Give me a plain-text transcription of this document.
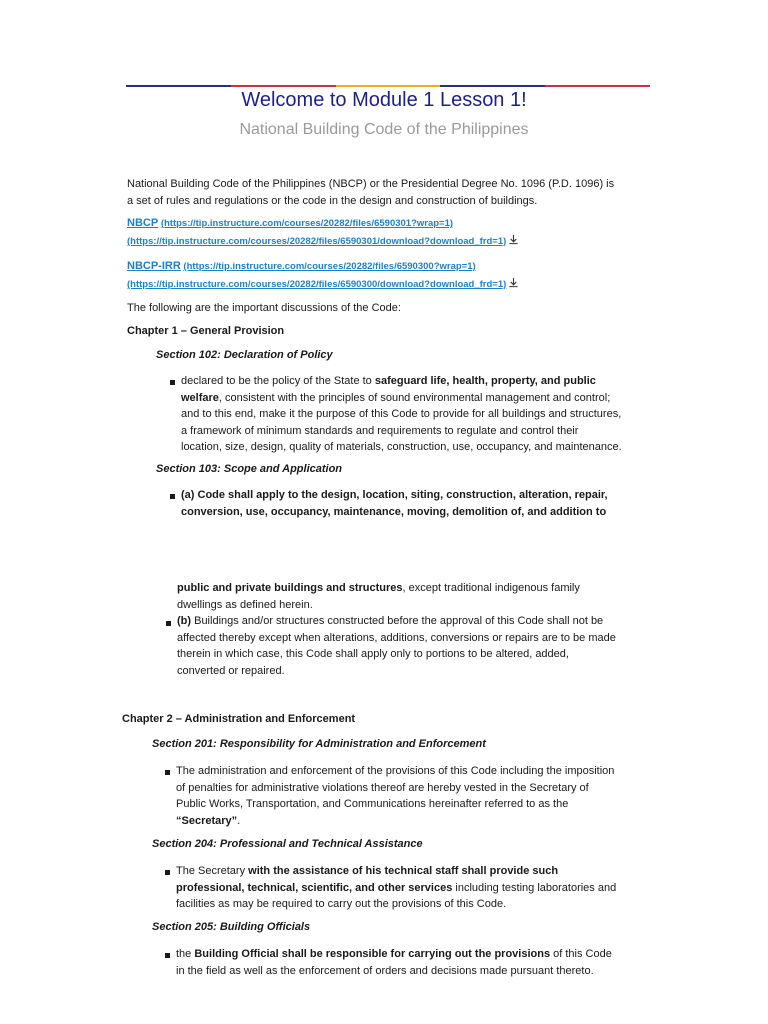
Welcome to Module 1 Lesson 1!
National Building Code of the Philippines
National Building Code of the Philippines (NBCP) or the Presidential Degree No. 1096 (P.D. 1096) is
a set of rules and regulations or the code in the design and construction of buildings.
NBCP (https://tip.instructure.com/courses/20282/files/6590301?wrap=1)
(https://tip.instructure.com/courses/20282/files/6590301/download?download_frd=1)
NBCP-IRR (https://tip.instructure.com/courses/20282/files/6590300?wrap=1)
(https://tip.instructure.com/courses/20282/files/6590300/download?download_frd=1)
The following are the important discussions of the Code:
Chapter 1 – General Provision
Section 102: Declaration of Policy
declared to be the policy of the State to safeguard life, health, property, and public
welfare, consistent with the principles of sound environmental management and control;
and to this end, make it the purpose of this Code to provide for all buildings and structures,
a framework of minimum standards and requirements to regulate and control their
location, size, design, quality of materials, construction, use, occupancy, and maintenance.
Section 103: Scope and Application
(a) Code shall apply to the design, location, siting, construction, alteration, repair,
conversion, use, occupancy, maintenance, moving, demolition of, and addition to
public and private buildings and structures, except traditional indigenous family
dwellings as defined herein.
(b) Buildings and/or structures constructed before the approval of this Code shall not be
affected thereby except when alterations, additions, conversions or repairs are to be made
therein in which case, this Code shall apply only to portions to be altered, added,
converted or repaired.
Chapter 2 – Administration and Enforcement
Section 201: Responsibility for Administration and Enforcement
The administration and enforcement of the provisions of this Code including the imposition
of penalties for administrative violations thereof are hereby vested in the Secretary of
Public Works, Transportation, and Communications hereinafter referred to as the
“Secretary”.
Section 204: Professional and Technical Assistance
The Secretary with the assistance of his technical staff shall provide such
professional, technical, scientific, and other services including testing laboratories and
facilities as may be required to carry out the provisions of this Code.
Section 205: Building Officials
the Building Official shall be responsible for carrying out the provisions of this Code
in the field as well as the enforcement of orders and decisions made pursuant thereto.
